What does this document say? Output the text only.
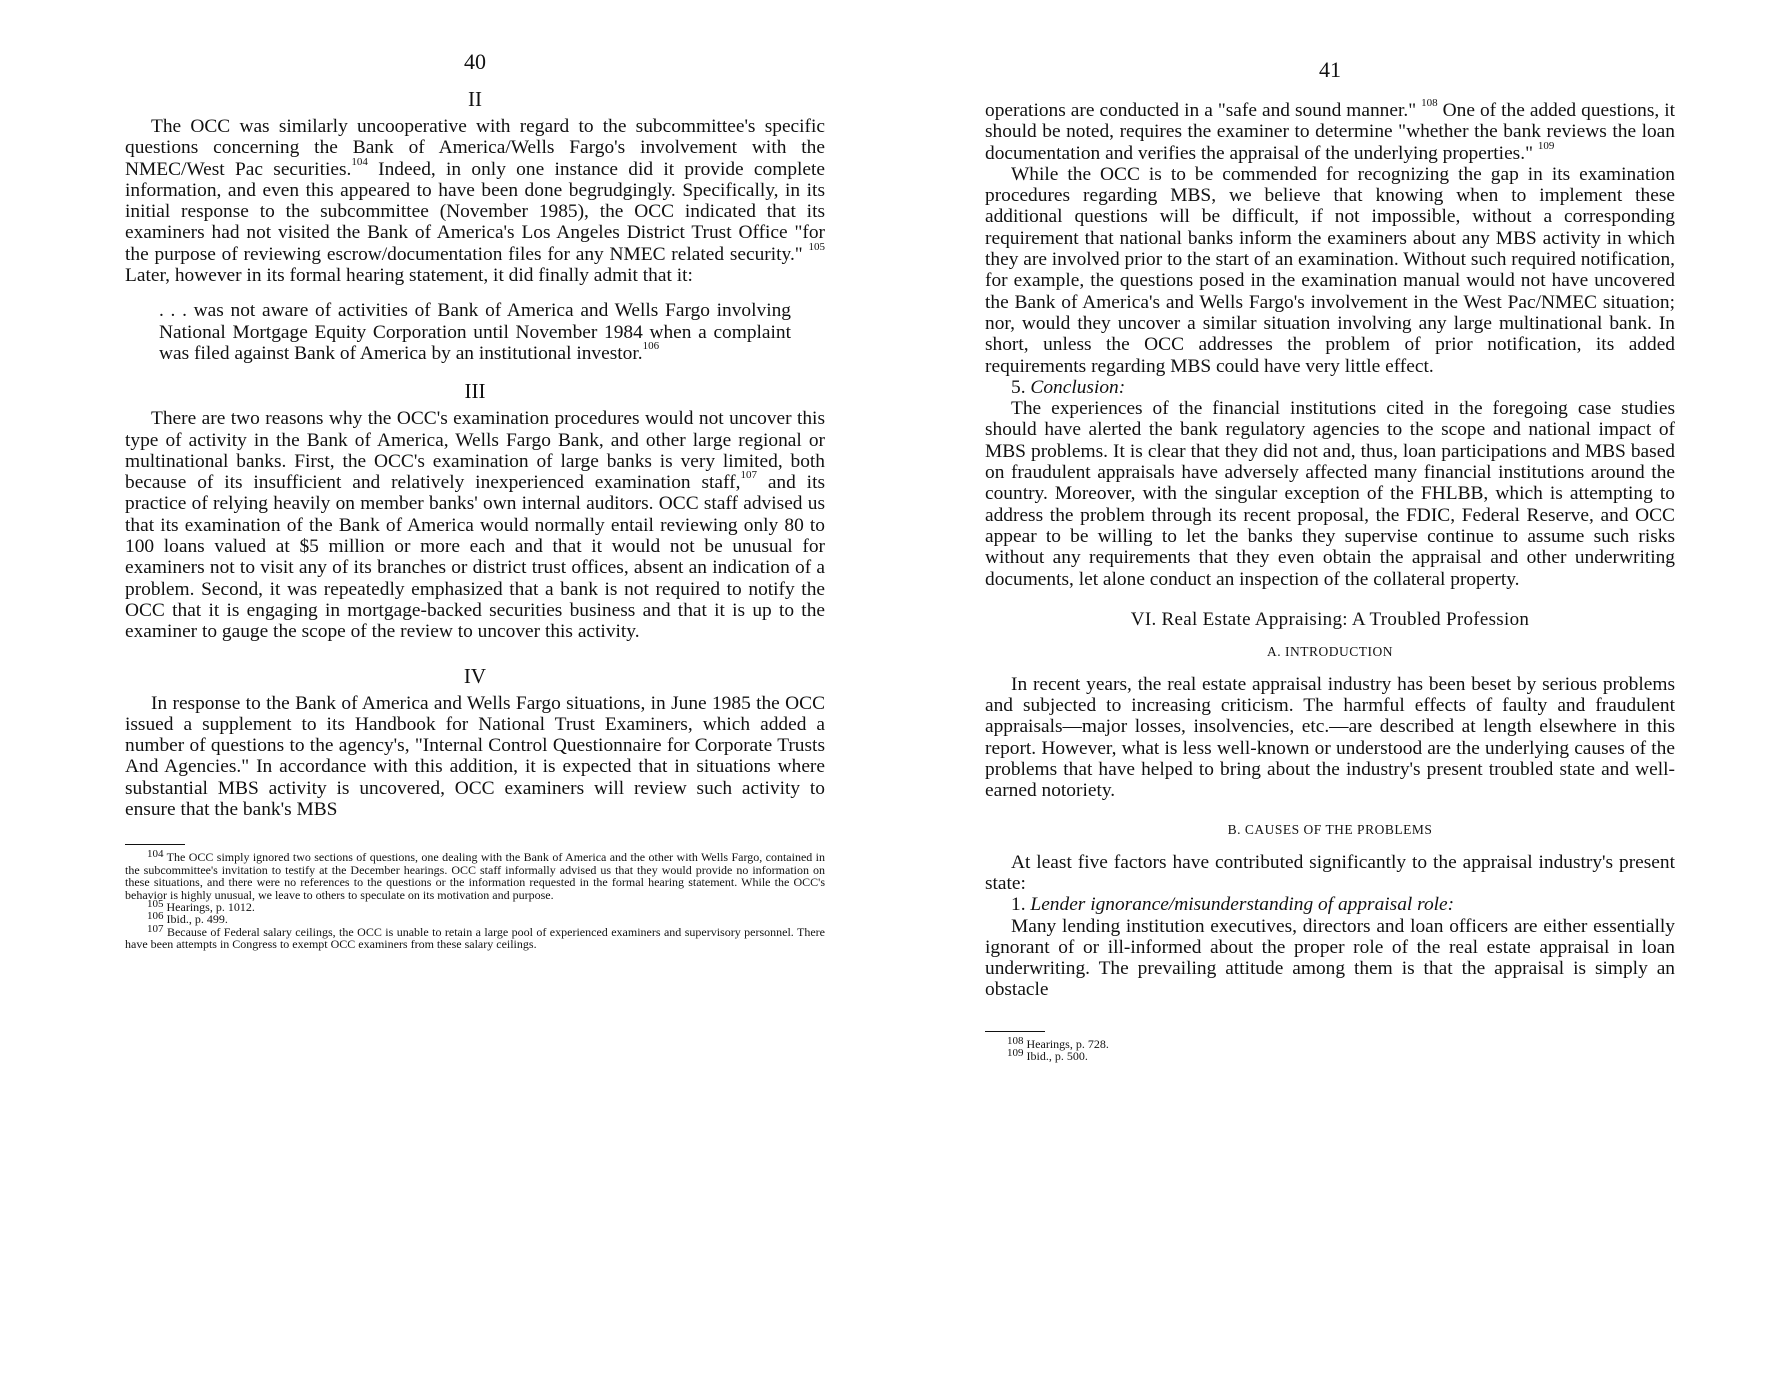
40
II

The OCC was similarly uncooperative with regard to the subcommittee's specific questions concerning the Bank of America/Wells Fargo's involvement with the NMEC/West Pac securities.$^{104}$ Indeed, in only one instance did it provide complete information, and even this appeared to have been done begrudgingly. Specifically, in its initial response to the subcommittee (November 1985), the OCC indicated that its examiners had not visited the Bank of America's Los Angeles District Trust Office "for the purpose of reviewing escrow/documentation files for any NMEC related security." $^{105}$ Later, however in its formal hearing statement, it did finally admit that it:

. . . was not aware of activities of Bank of America and Wells Fargo involving National Mortgage Equity Corporation until November 1984 when a complaint was filed against Bank of America by an institutional investor.$^{106}$
III

There are two reasons why the OCC's examination procedures would not uncover this type of activity in the Bank of America, Wells Fargo Bank, and other large regional or multinational banks. First, the OCC's examination of large banks is very limited, both because of its insufficient and relatively inexperienced examination staff,$^{107}$ and its practice of relying heavily on member banks' own internal auditors. OCC staff advised us that its examination of the Bank of America would normally entail reviewing only 80 to 100 loans valued at $5 million or more each and that it would not be unusual for examiners not to visit any of its branches or district trust offices, absent an indication of a problem. Second, it was repeatedly emphasized that a bank is not required to notify the OCC that it is engaging in mortgage-backed securities business and that it is up to the examiner to gauge the scope of the review to uncover this activity.

IV

In response to the Bank of America and Wells Fargo situations, in June 1985 the OCC issued a supplement to its Handbook for National Trust Examiners, which added a number of questions to the agency's, "Internal Control Questionnaire for Corporate Trusts And Agencies." In accordance with this addition, it is expected that in situations where substantial MBS activity is uncovered, OCC examiners will review such activity to ensure that the bank's MBS

$^{104}$ The OCC simply ignored two sections of questions, one dealing with the Bank of America and the other with Wells Fargo, contained in the subcommittee's invitation to testify at the December hearings. OCC staff informally advised us that they would provide no information on these situations, and there were no references to the questions or the information requested in the formal hearing statement. While the OCC's behavior is highly unusual, we leave to others to speculate on its motivation and purpose.

$^{105}$ Hearings, p. 1012.

$^{106}$ Ibid., p. 499.

$^{107}$ Because of Federal salary ceilings, the OCC is unable to retain a large pool of experienced examiners and supervisory personnel. There have been attempts in Congress to exempt OCC examiners from these salary ceilings.

41

operations are conducted in a "safe and sound manner." $^{108}$ One of the added questions, it should be noted, requires the examiner to determine "whether the bank reviews the loan documentation and verifies the appraisal of the underlying properties." $^{109}$

While the OCC is to be commended for recognizing the gap in its examination procedures regarding MBS, we believe that knowing when to implement these additional questions will be difficult, if not impossible, without a corresponding requirement that national banks inform the examiners about any MBS activity in which they are involved prior to the start of an examination. Without such required notification, for example, the questions posed in the examination manual would not have uncovered the Bank of America's and Wells Fargo's involvement in the West Pac/NMEC situation; nor, would they uncover a similar situation involving any large multinational bank. In short, unless the OCC addresses the problem of prior notification, its added requirements regarding MBS could have very little effect.

5. Conclusion:

The experiences of the financial institutions cited in the foregoing case studies should have alerted the bank regulatory agencies to the scope and national impact of MBS problems. It is clear that they did not and, thus, loan participations and MBS based on fraudulent appraisals have adversely affected many financial institutions around the country. Moreover, with the singular exception of the FHLBB, which is attempting to address the problem through its recent proposal, the FDIC, Federal Reserve, and OCC appear to be willing to let the banks they supervise continue to assume such risks without any requirements that they even obtain the appraisal and other underwriting documents, let alone conduct an inspection of the collateral property.

VI. Real Estate Appraising: A Troubled Profession
A. INTRODUCTION

In recent years, the real estate appraisal industry has been beset by serious problems and subjected to increasing criticism. The harmful effects of faulty and fraudulent appraisals—major losses, insolvencies, etc.—are described at length elsewhere in this report. However, what is less well-known or understood are the underlying causes of the problems that have helped to bring about the industry's present troubled state and well-earned notoriety.

B. CAUSES OF THE PROBLEMS

At least five factors have contributed significantly to the appraisal industry's present state:

1. Lender ignorance/misunderstanding of appraisal role:

Many lending institution executives, directors and loan officers are either essentially ignorant of or ill-informed about the proper role of the real estate appraisal in loan underwriting. The prevailing attitude among them is that the appraisal is simply an obstacle

$^{108}$ Hearings, p. 728.

$^{109}$ Ibid., p. 500.
